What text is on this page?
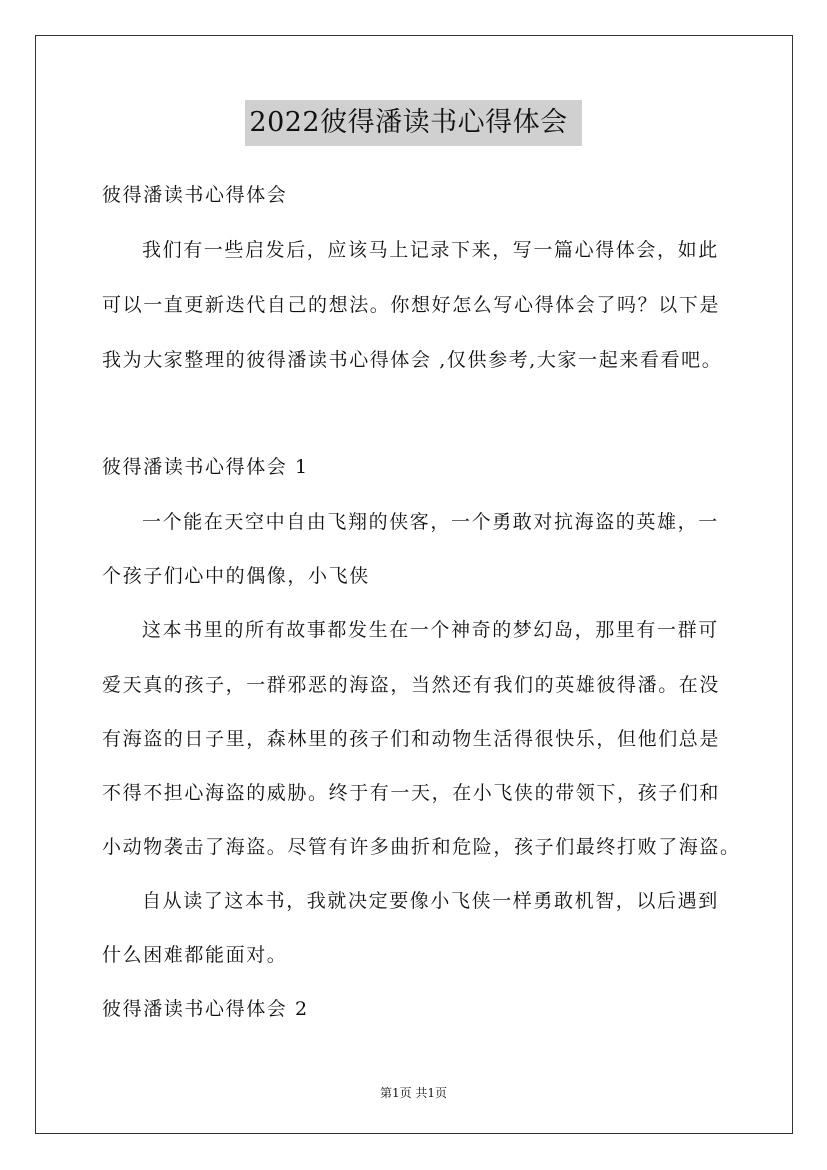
2022彼得潘读书心得体会
彼得潘读书心得体会
我们有一些启发后，应该马上记录下来，写一篇心得体会，如此
可以一直更新迭代自己的想法。你想好怎么写心得体会了吗？以下是
我为大家整理的彼得潘读书心得体会 ,仅供参考,大家一起来看看吧。
彼得潘读书心得体会 1
一个能在天空中自由飞翔的侠客，一个勇敢对抗海盗的英雄，一
个孩子们心中的偶像，小飞侠
这本书里的所有故事都发生在一个神奇的梦幻岛，那里有一群可
爱天真的孩子，一群邪恶的海盗，当然还有我们的英雄彼得潘。在没
有海盗的日子里，森林里的孩子们和动物生活得很快乐，但他们总是
不得不担心海盗的威胁。终于有一天，在小飞侠的带领下，孩子们和
小动物袭击了海盗。尽管有许多曲折和危险，孩子们最终打败了海盗。
自从读了这本书，我就决定要像小飞侠一样勇敢机智，以后遇到
什么困难都能面对。
彼得潘读书心得体会 2
第1页 共1页
